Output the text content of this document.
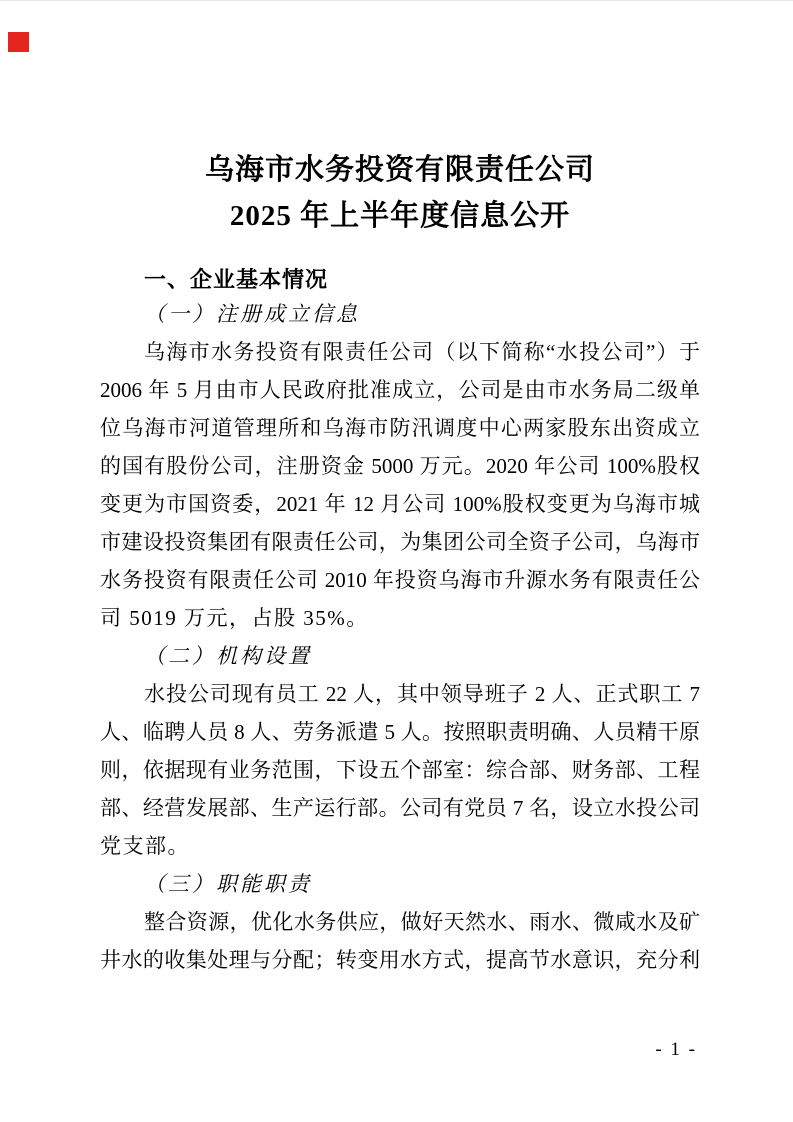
乌海市水务投资有限责任公司
2025 年上半年度信息公开
一、企业基本情况
（一）注册成立信息
乌海市水务投资有限责任公司（以下简称“水投公司”）于
2006 年 5 月由市人民政府批准成立，公司是由市水务局二级单
位乌海市河道管理所和乌海市防汛调度中心两家股东出资成立
的国有股份公司，注册资金 5000 万元。2020 年公司 100%股权
变更为市国资委，2021 年 12 月公司 100%股权变更为乌海市城
市建设投资集团有限责任公司，为集团公司全资子公司，乌海市
水务投资有限责任公司 2010 年投资乌海市升源水务有限责任公
司 5019 万元，占股 35%。
（二）机构设置
水投公司现有员工 22 人，其中领导班子 2 人、正式职工 7
人、临聘人员 8 人、劳务派遣 5 人。按照职责明确、人员精干原
则，依据现有业务范围，下设五个部室：综合部、财务部、工程
部、经营发展部、生产运行部。公司有党员 7 名，设立水投公司
党支部。
（三）职能职责
整合资源，优化水务供应，做好天然水、雨水、微咸水及矿
井水的收集处理与分配；转变用水方式，提高节水意识，充分利
- 1 -
